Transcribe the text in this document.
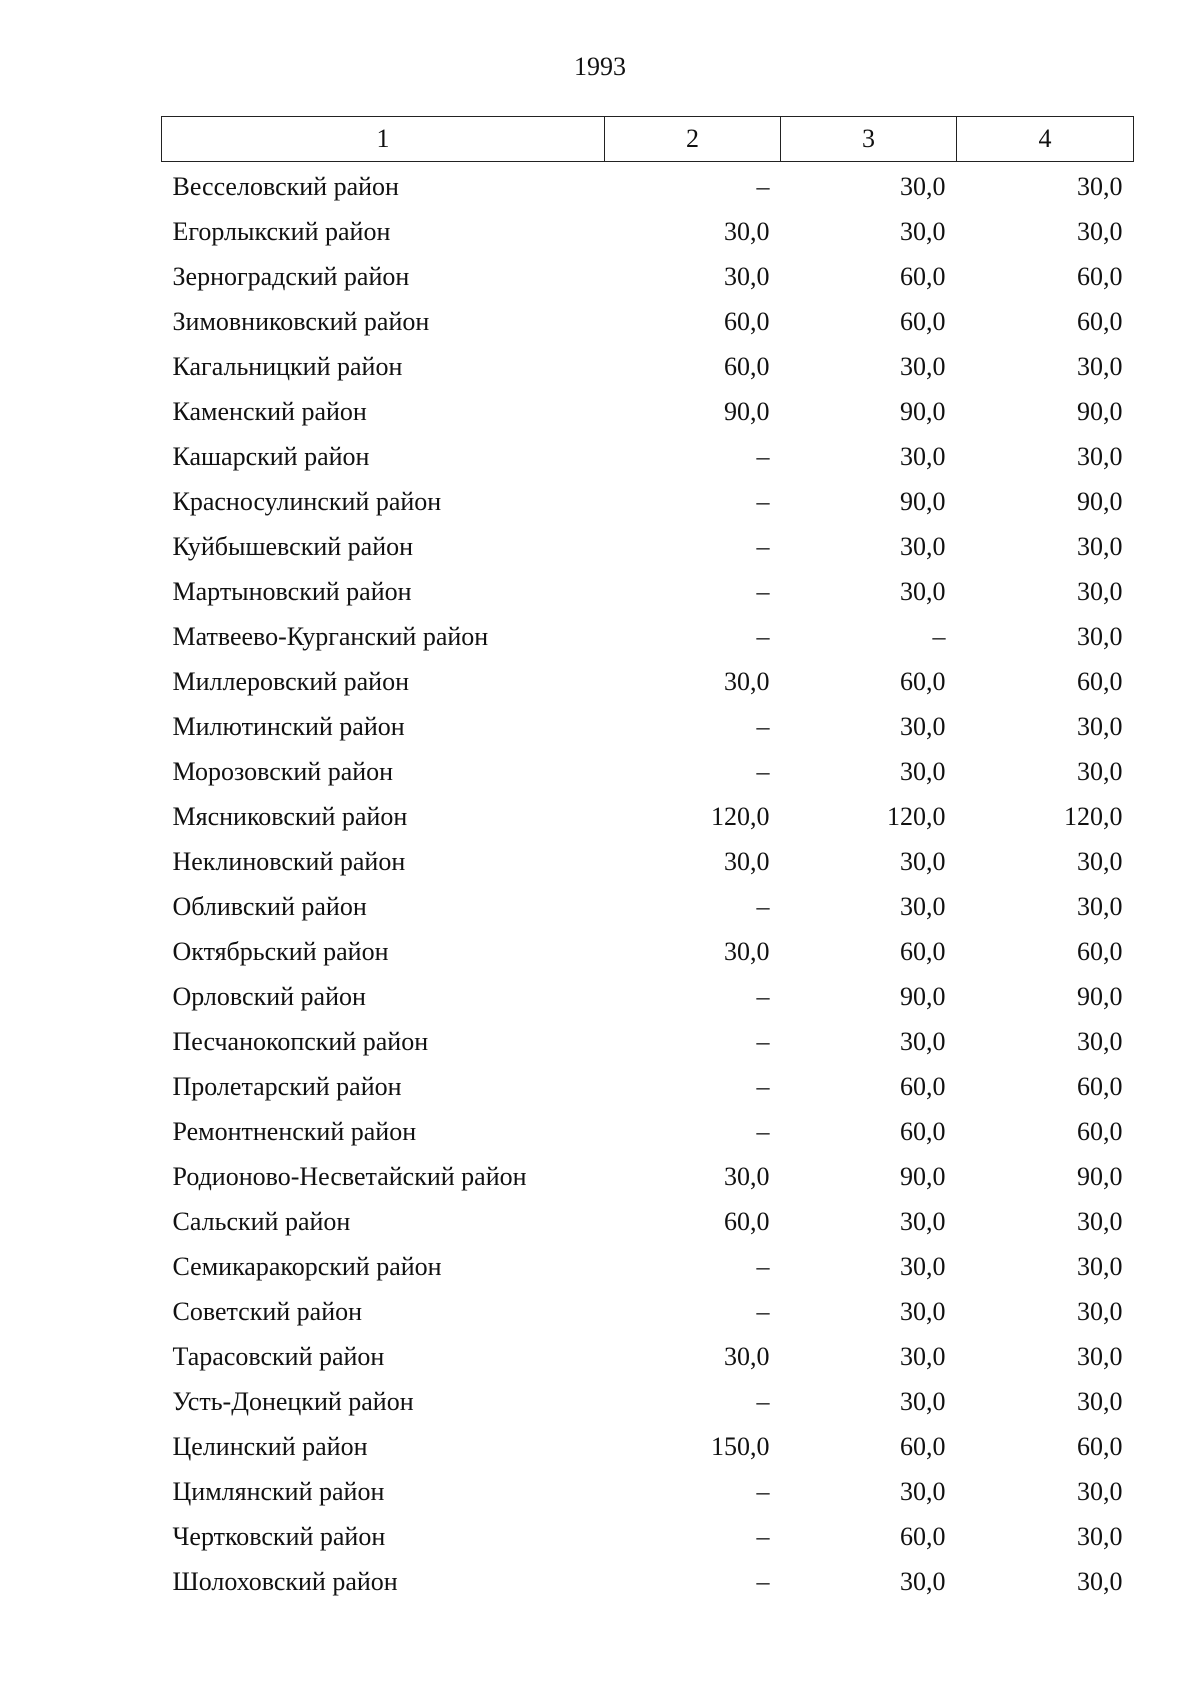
1993
1	2	3	4
Весселовский район	–	30,0	30,0
Егорлыкский район	30,0	30,0	30,0
Зерноградский район	30,0	60,0	60,0
Зимовниковский район	60,0	60,0	60,0
Кагальницкий район	60,0	30,0	30,0
Каменский район	90,0	90,0	90,0
Кашарский район	–	30,0	30,0
Красносулинский район	–	90,0	90,0
Куйбышевский район	–	30,0	30,0
Мартыновский район	–	30,0	30,0
Матвеево-Курганский район	–	–	30,0
Миллеровский район	30,0	60,0	60,0
Милютинский район	–	30,0	30,0
Морозовский район	–	30,0	30,0
Мясниковский район	120,0	120,0	120,0
Неклиновский район	30,0	30,0	30,0
Обливский район	–	30,0	30,0
Октябрьский район	30,0	60,0	60,0
Орловский район	–	90,0	90,0
Песчанокопский район	–	30,0	30,0
Пролетарский район	–	60,0	60,0
Ремонтненский район	–	60,0	60,0
Родионово-Несветайский район	30,0	90,0	90,0
Сальский район	60,0	30,0	30,0
Семикаракорский район	–	30,0	30,0
Советский район	–	30,0	30,0
Тарасовский район	30,0	30,0	30,0
Усть-Донецкий район	–	30,0	30,0
Целинский район	150,0	60,0	60,0
Цимлянский район	–	30,0	30,0
Чертковский район	–	60,0	30,0
Шолоховский район	–	30,0	30,0
